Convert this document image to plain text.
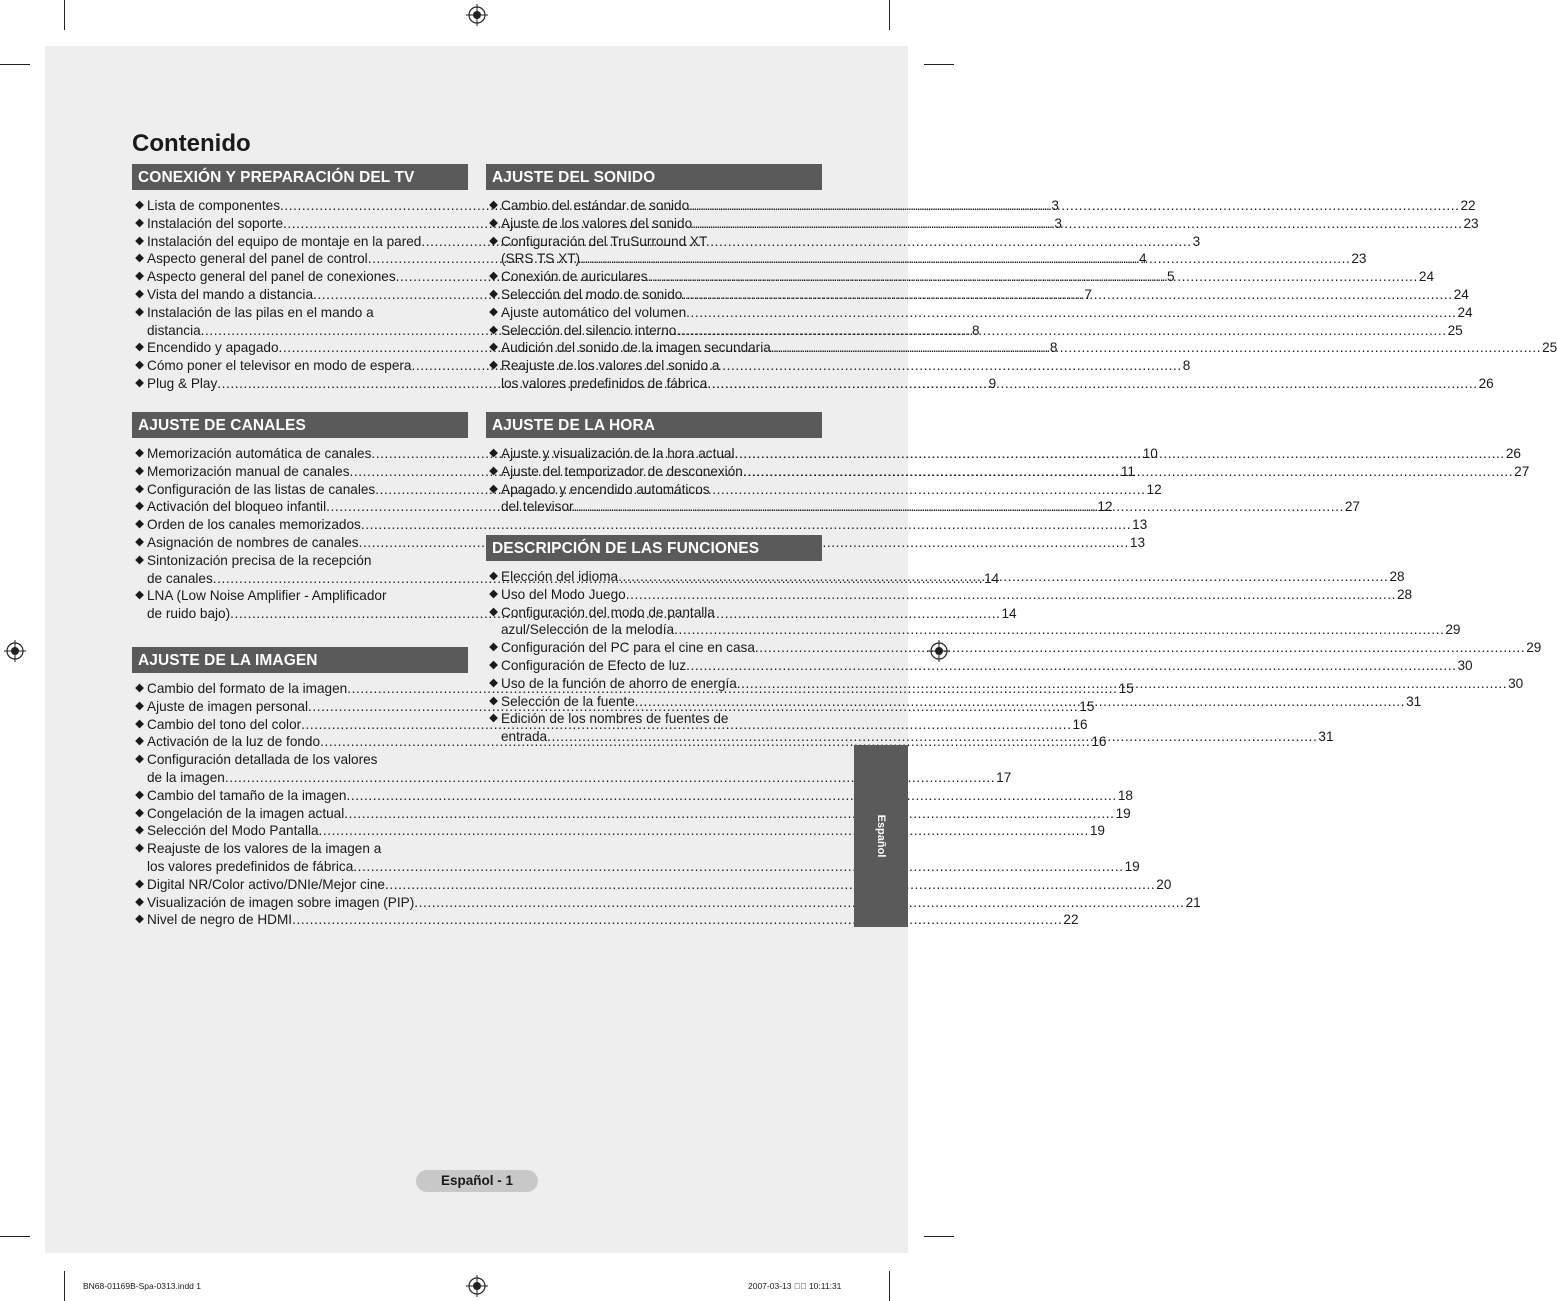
Contenido
CONEXIÓN Y PREPARACIÓN DEL TV
◆ Lista de componentes .....	3
◆ Instalación del soporte .....	3
◆ Instalación del equipo de montaje en la pared .....	3
◆ Aspecto general del panel de control .....	4
◆ Aspecto general del panel de conexiones .....	5
◆ Vista del mando a distancia .....	7
◆ Instalación de las pilas en el mando a
distancia .....	8
◆ Encendido y apagado .....	8
◆ Cómo poner el televisor en modo de espera .....	8
◆ Plug & Play .....	9
AJUSTE DE CANALES
◆ Memorización automática de canales .....	10
◆ Memorización manual de canales .....	11
◆ Configuración de las listas de canales .....	12
◆ Activación del bloqueo infantil .....	12
◆ Orden de los canales memorizados .....	13
◆ Asignación de nombres de canales .....	13
◆ Sintonización precisa de la recepción
de canales .....	14
◆ LNA (Low Noise Amplifier - Amplificador
de ruido bajo) .....	14
AJUSTE DE LA IMAGEN
◆ Cambio del formato de la imagen .....	15
◆ Ajuste de imagen personal .....	15
◆ Cambio del tono del color .....	16
◆ Activación de la luz de fondo .....	16
◆ Configuración detallada de los valores
de la imagen .....	17
◆ Cambio del tamaño de la imagen .....	18
◆ Congelación de la imagen actual .....	19
◆ Selección del Modo Pantalla .....	19
◆ Reajuste de los valores de la imagen a
los valores predefinidos de fábrica .....	19
◆ Digital NR/Color activo/DNIe/Mejor cine .....	20
◆ Visualización de imagen sobre imagen (PIP) .....	21
◆ Nivel de negro de HDMI .....	22
AJUSTE DEL SONIDO
◆ Cambio del estándar de sonido .....	22
◆ Ajuste de los valores del sonido .....	23
◆ Configuración del TruSurround XT
(SRS TS XT) .....	23
◆ Conexión de auriculares .....	24
◆ Selección del modo de sonido .....	24
◆ Ajuste automático del volumen .....	24
◆ Selección del silencio interno .....	25
◆ Audición del sonido de la imagen secundaria .....	25
◆ Reajuste de los valores del sonido a
los valores predefinidos de fábrica .....	26
AJUSTE DE LA HORA
◆ Ajuste y visualización de la hora actual .....	26
◆ Ajuste del temporizador de desconexión .....	27
◆ Apagado y encendido automáticos
del televisor .....	27
DESCRIPCIÓN DE LAS FUNCIONES
◆ Elección del idioma .....	28
◆ Uso del Modo Juego .....	28
◆ Configuración del modo de pantalla
azul/Selección de la melodía .....	29
◆ Configuración del PC para el cine en casa .....	29
◆ Configuración de Efecto de luz .....	30
◆ Uso de la función de ahorro de energía .....	30
◆ Selección de la fuente .....	31
◆ Edición de los nombres de fuentes de
entrada .....	31
Español
Español - 1
BN68-01169B-Spa-0313.indd 1	2007-03-13 ￿￿ 10:11:31
